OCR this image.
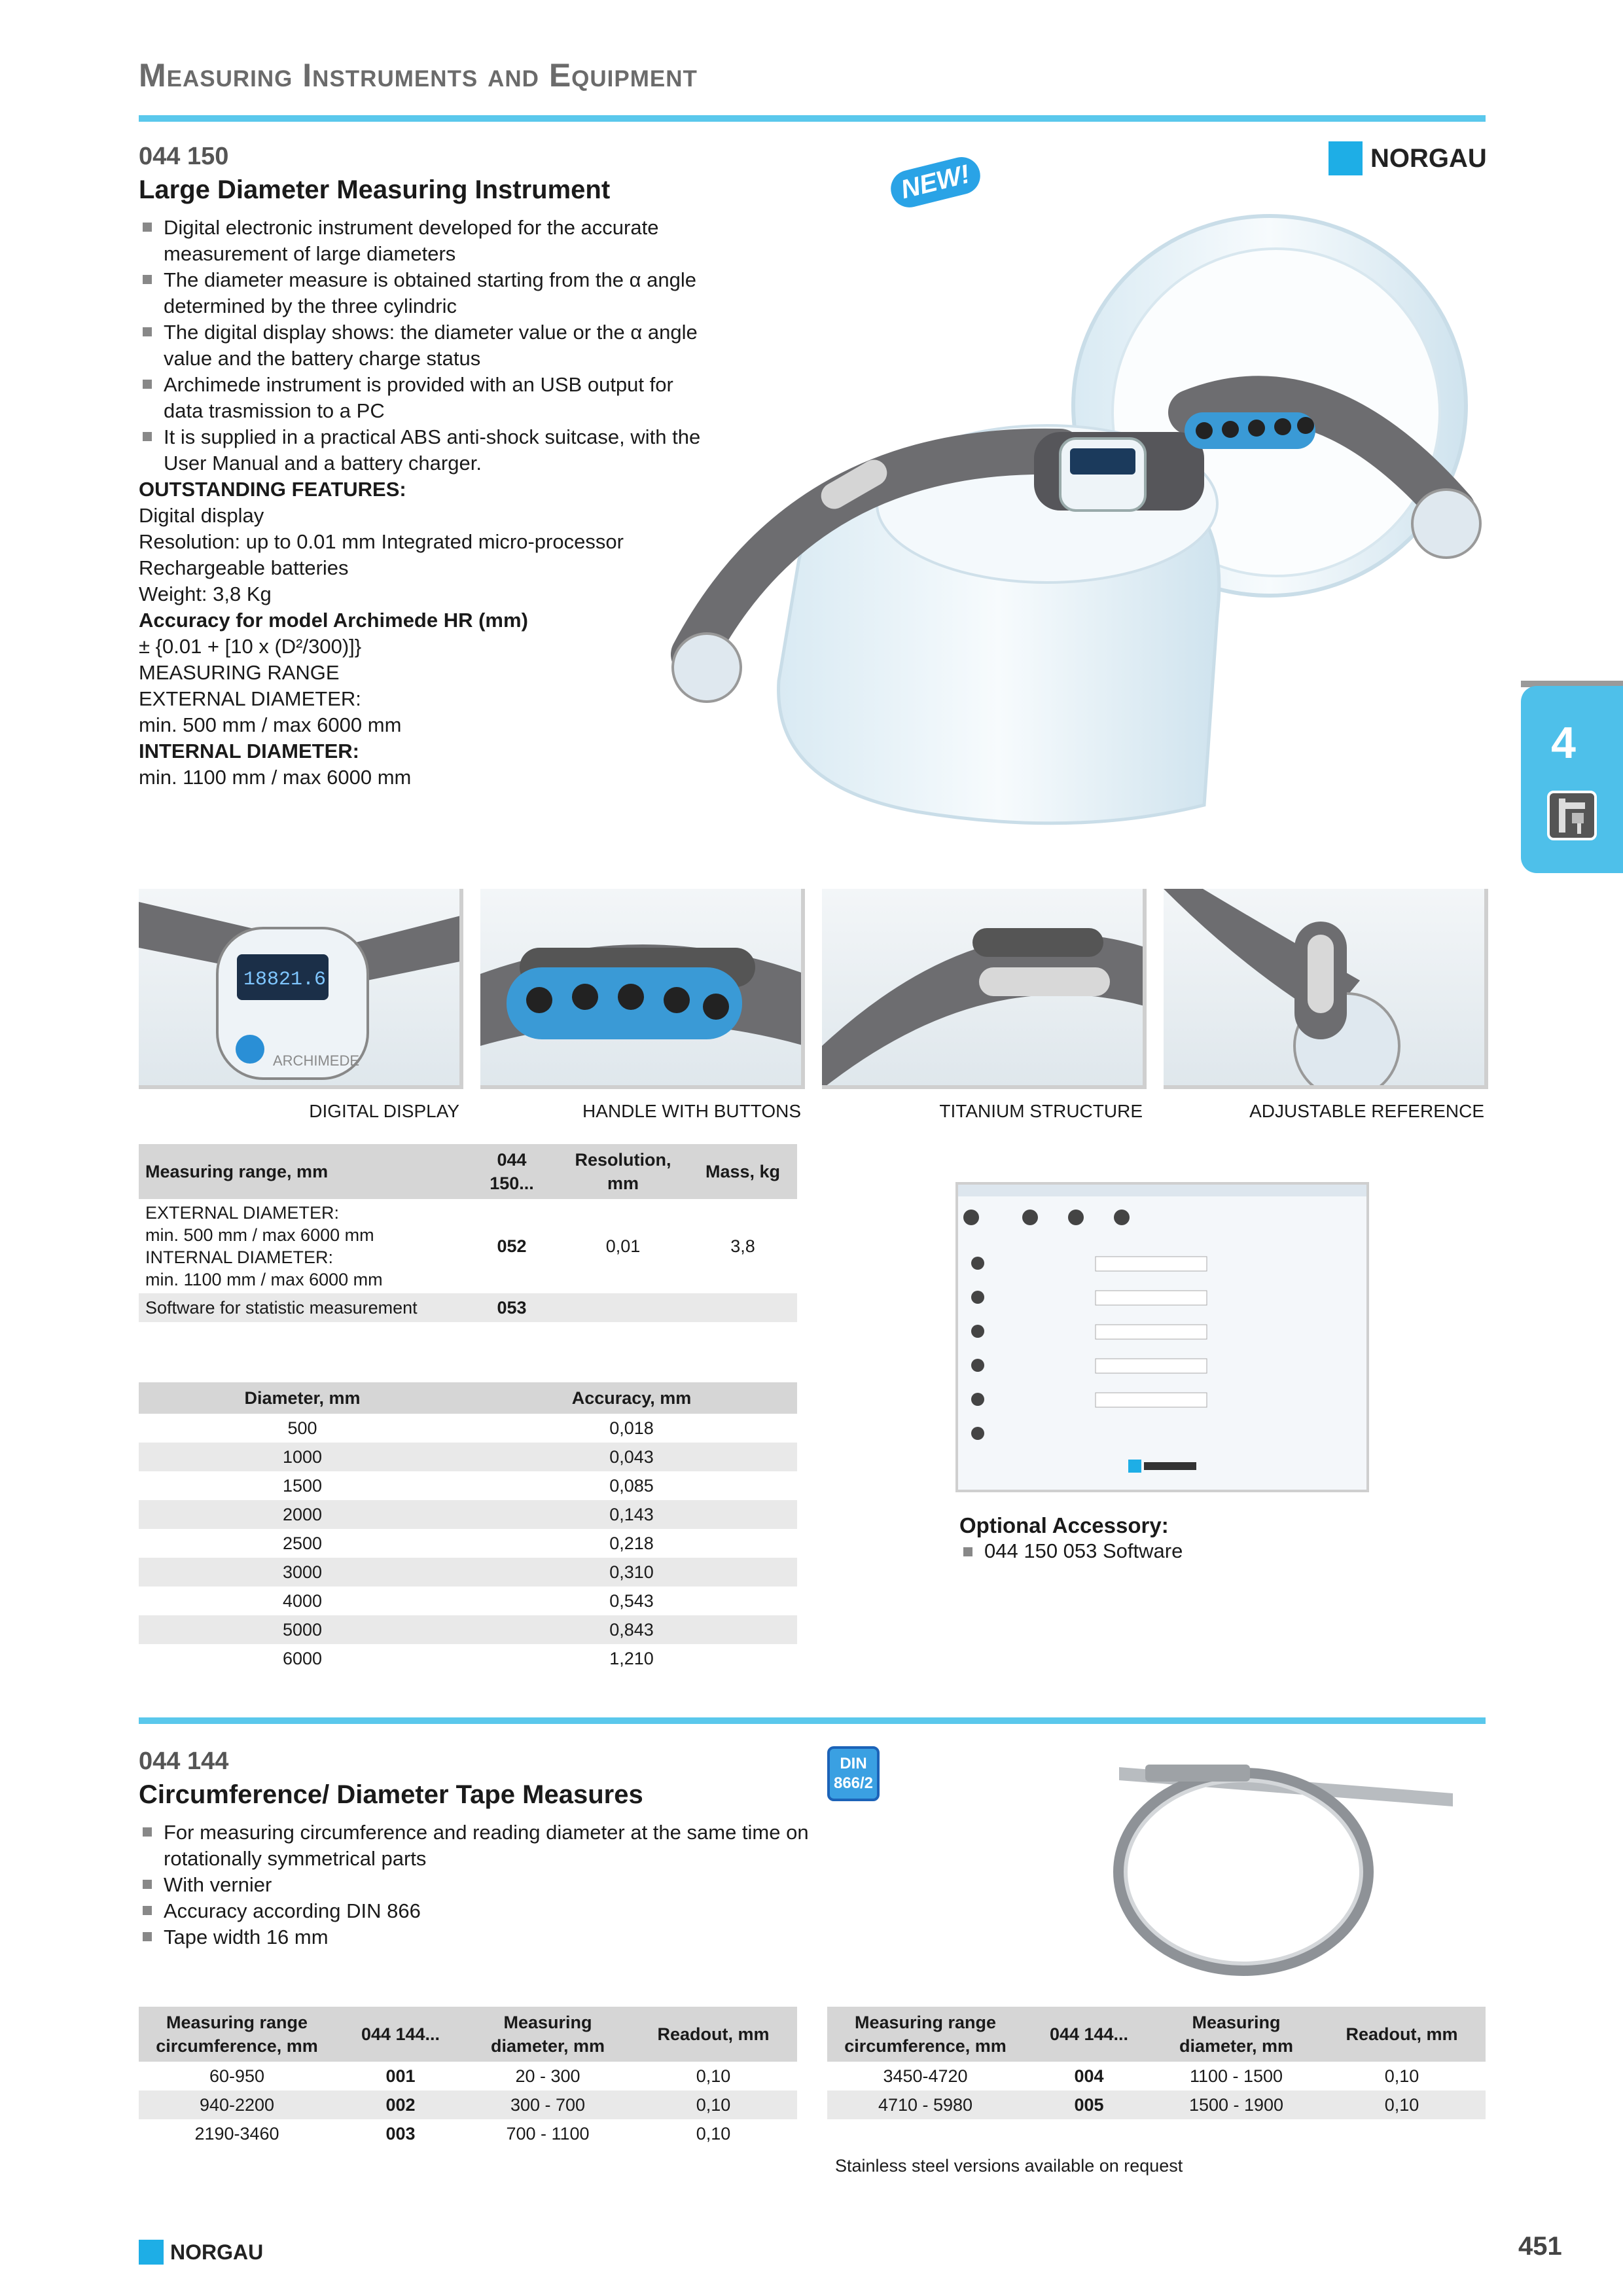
Measuring Instruments and Equipment
044 150
Large Diameter Measuring Instrument
NORGAU
NEW!
Digital electronic instrument developed for the accurate measurement of large diameters
The diameter measure is obtained starting from the α angle determined by the three cylindric
The digital display shows: the diameter value or the α angle value and the battery charge status
Archimede instrument is provided with an USB output for data trasmission to a PC
It is supplied in a practical ABS anti-shock suitcase, with the User Manual and a battery charger.
OUTSTANDING FEATURES:
Digital display
Resolution: up to 0.01 mm Integrated micro-processor
Rechargeable batteries
Weight: 3,8 Kg
Accuracy for model Archimede HR (mm)
± {0.01 + [10 x (D²/300)]}
MEASURING RANGE
EXTERNAL DIAMETER:
min. 500 mm / max 6000 mm
INTERNAL DIAMETER:
min. 1100 mm / max 6000 mm
4
18821.6
ARCHIMEDE
DIGITAL DISPLAY	HANDLE WITH BUTTONS	TITANIUM STRUCTURE	ADJUSTABLE REFERENCE
Measuring range, mm	044 150...	Resolution, mm	Mass, kg

EXTERNAL DIAMETER:
min. 500 mm / max 6000 mm
INTERNAL DIAMETER:
min. 1100 mm / max 6000 mm	052	0,01	3,8
Software for statistic measurement	053		
Diameter, mm	Accuracy, mm
500	0,018
1000	0,043
1500	0,085
2000	0,143
2500	0,218
3000	0,310
4000	0,543
5000	0,843
6000	1,210
Optional Accessory:
044 150 053 Software
044 144
Circumference/ Diameter Tape Measures
DIN
866/2
For measuring circumference and reading diameter at the same time on rotationally symmetrical parts
With vernier
Accuracy according DIN 866
Tape width 16 mm
Measuring range circumference, mm	044 144...	Measuring diameter, mm	Readout, mm
60-950	001	20 - 300	0,10
940-2200	002	300 - 700	0,10
2190-3460	003	700 - 1100	0,10
Measuring range circumference, mm	044 144...	Measuring diameter, mm	Readout, mm
3450-4720	004	1100 - 1500	0,10
4710 - 5980	005	1500 - 1900	0,10
Stainless steel versions available on request
NORGAU	451
